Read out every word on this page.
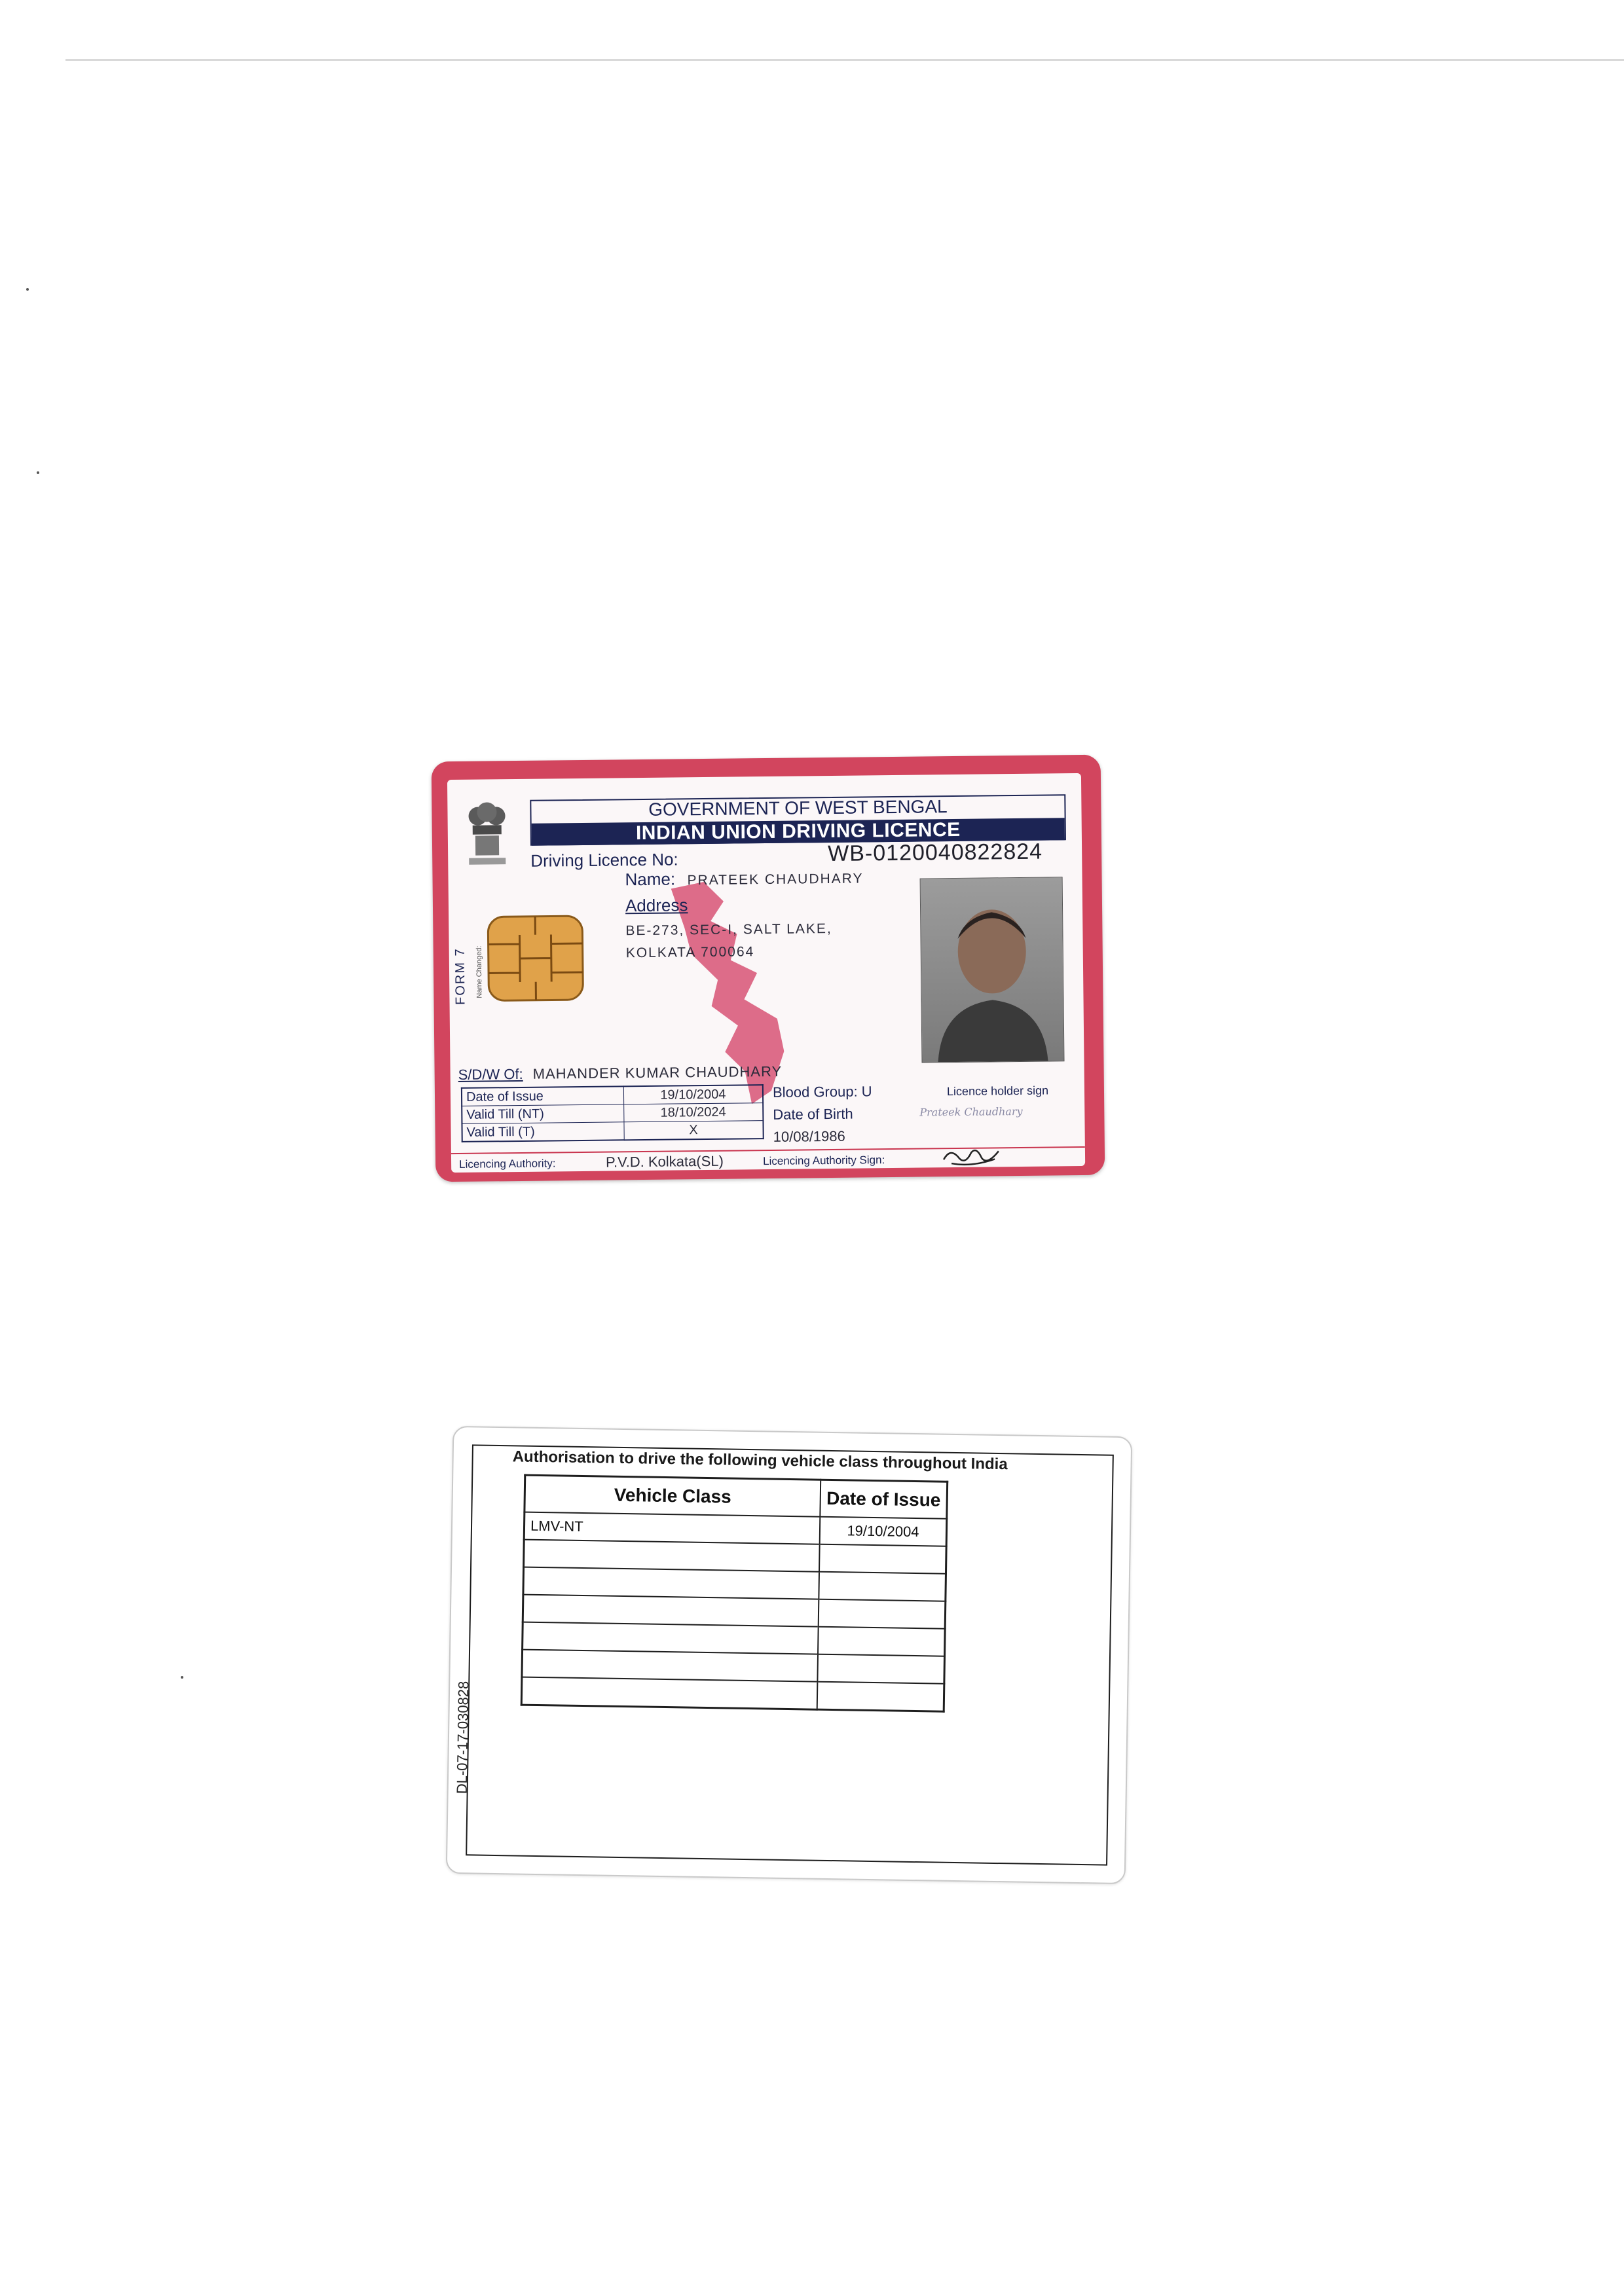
GOVERNMENT OF WEST BENGAL
INDIAN UNION DRIVING LICENCE
Driving Licence No:	WB-0120040822824
Name: PRATEEK CHAUDHARY
Address
BE-273, SEC-I, SALT LAKE,
KOLKATA 700064
FORM 7	Name Changed:
S/D/W Of: MAHANDER KUMAR CHAUDHARY
Date of Issue	19/10/2004
Valid Till (NT)	18/10/2024
Valid Till (T)	X
Blood Group: U
Date of Birth
10/08/1986
Licence holder sign
Prateek Chaudhary
Licencing Authority:	P.V.D. Kolkata(SL)	Licencing Authority Sign:
Authorisation to drive the following vehicle class throughout India
Vehicle Class	Date of Issue
LMV-NT	19/10/2004

DL-07-17-030828
